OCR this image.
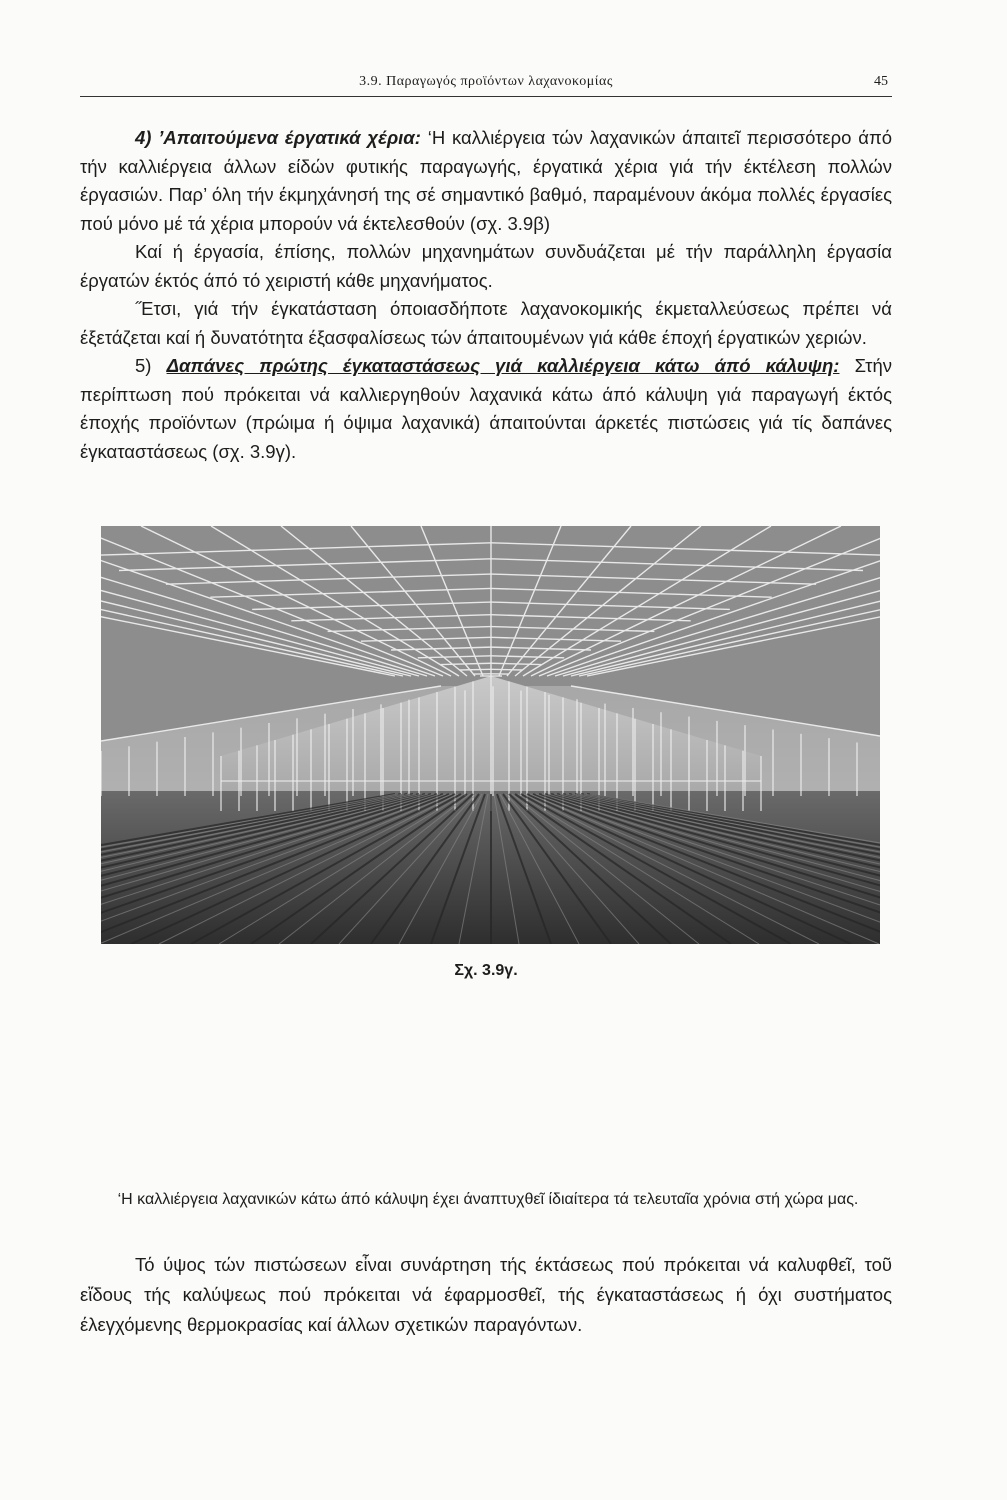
3.9. Παραγωγός προϊόντων λαχανοκομίας	45

4) ’Απαιτούμενα έργατικά χέρια: ‘Η καλλιέργεια τών λαχανικών άπαιτεῖ περισσότερο άπό τήν καλλιέργεια άλλων είδών φυτικής παραγωγής, έργατικά χέρια γιά τήν έκτέλεση πολλών έργασιών. Παρ’ όλη τήν έκμηχάνησή της σέ σημαντικό βαθμό, παραμένουν άκόμα πολλές έργασίες πού μόνο μέ τά χέρια μπορούν νά έκτελεσθούν (σχ. 3.9β)

Καί ή έργασία, έπίσης, πολλών μηχανημάτων συνδυάζεται μέ τήν παράλληλη έργασία έργατών έκτός άπό τό χειριστή κάθε μηχανήματος.

˝Ετσι, γιά τήν έγκατάσταση όποιασδήποτε λαχανοκομικής έκμεταλλεύσεως πρέπει νά έξετάζεται καί ή δυνατότητα έξασφαλίσεως τών άπαιτουμένων γιά κάθε έποχή έργατικών χεριών.

5) Δαπάνες πρώτης έγκαταστάσεως γιά καλλιέργεια κάτω άπό κάλυψη: Στήν περίπτωση πού πρόκειται νά καλλιεργηθούν λαχανικά κάτω άπό κάλυψη γιά παραγωγή έκτός έποχής προϊόντων (πρώιμα ή όψιμα λαχανικά) άπαιτούνται άρκετές πιστώσεις γιά τίς δαπάνες έγκαταστάσεως (σχ. 3.9γ).

Σχ. 3.9γ.
‘Η καλλιέργεια λαχανικών κάτω άπό κάλυψη έχει άναπτυχθεῖ ίδιαίτερα τά τελευταῖα χρόνια στή χώρα μας.

Τό ύψος τών πιστώσεων εἶναι συνάρτηση τής έκτάσεως πού πρόκειται νά καλυφθεῖ, τοῦ εἴδους τής καλύψεως πού πρόκειται νά έφαρμοσθεῖ, τής έγκαταστάσεως ή όχι συστήματος έλεγχόμενης θερμοκρασίας καί άλλων σχετικών παραγόντων.
